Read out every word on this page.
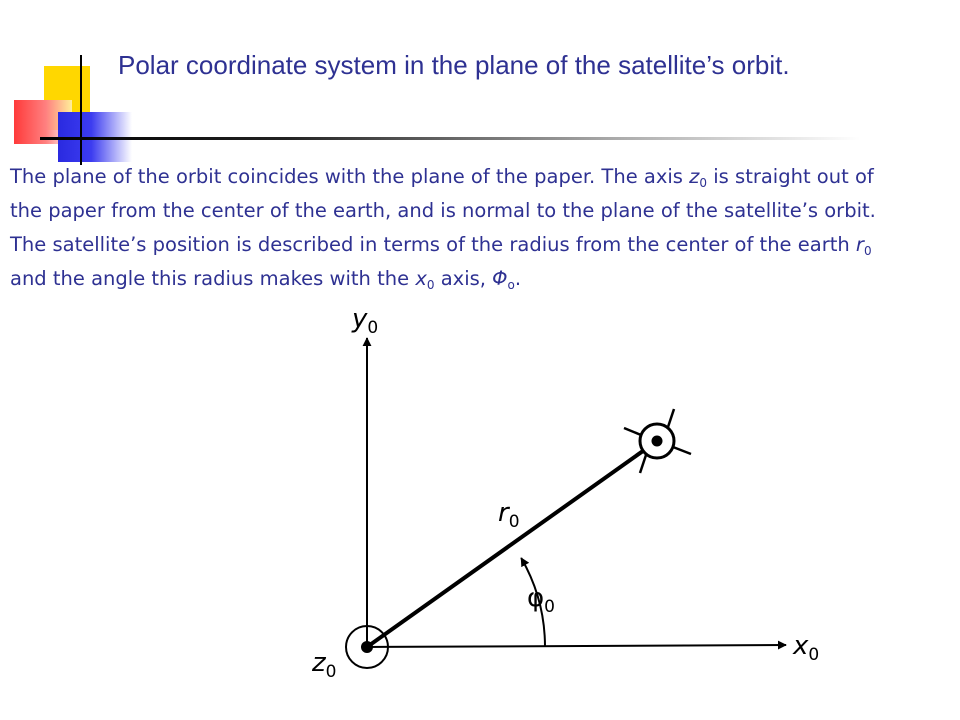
Polar coordinate system in the plane of the satellite’s orbit.

The plane of the orbit coincides with the plane of the paper. The axis $z_0$ is straight out of the paper from the center of the earth, and is normal to the plane of the satellite’s orbit. The satellite’s position is described in terms of the radius from the center of the earth $r_0$ and the angle this radius makes with the $x_0$ axis, $\Phi_o$.

$y_0$
$x_0$
$z_0$
$r_0$
$\varphi_0$
